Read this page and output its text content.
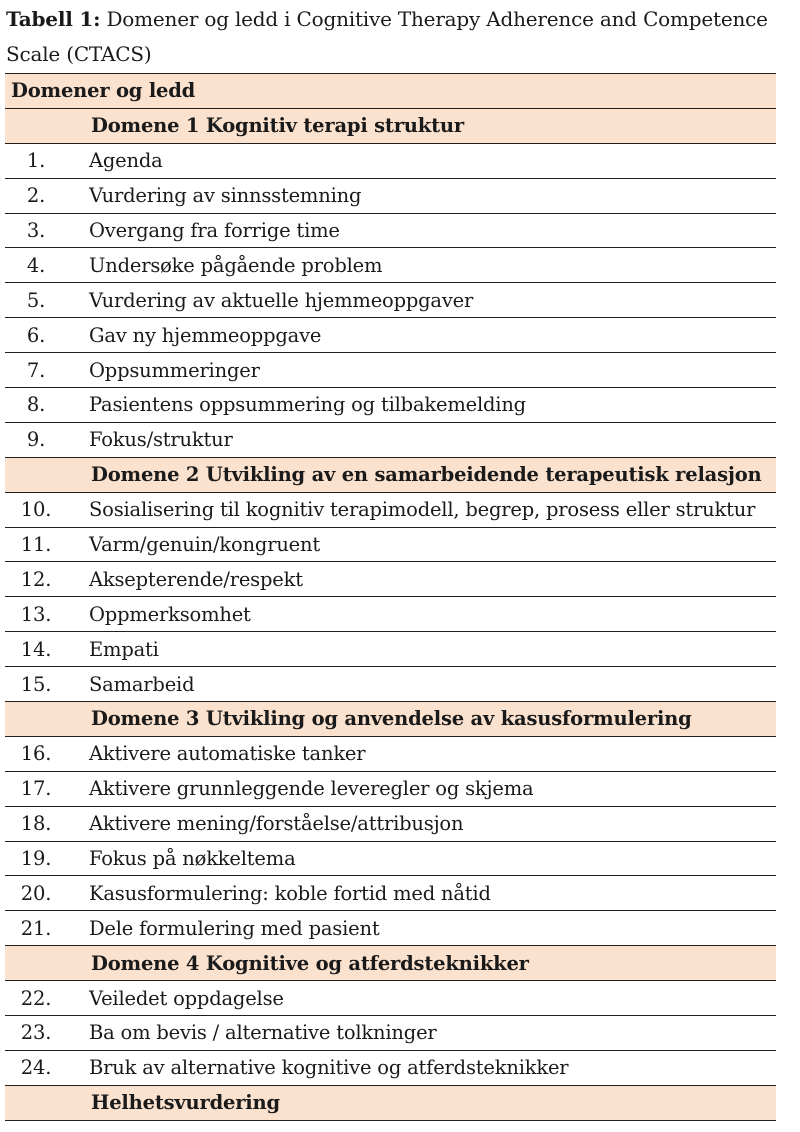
Tabell 1: Domener og ledd i Cognitive Therapy Adherence and Competence Scale (CTACS)
Domener og ledd	
	Domene 1 Kognitiv terapi struktur
1.	Agenda
2.	Vurdering av sinnsstemning
3.	Overgang fra forrige time
4.	Undersøke pågående problem
5.	Vurdering av aktuelle hjemmeoppgaver
6.	Gav ny hjemmeoppgave
7.	Oppsummeringer
8.	Pasientens oppsummering og tilbakemelding
9.	Fokus/struktur
	Domene 2 Utvikling av en samarbeidende terapeutisk relasjon
10.	Sosialisering til kognitiv terapimodell, begrep, prosess eller struktur
11.	Varm/genuin/kongruent
12.	Aksepterende/respekt
13.	Oppmerksomhet
14.	Empati
15.	Samarbeid
	Domene 3 Utvikling og anvendelse av kasusformulering
16.	Aktivere automatiske tanker
17.	Aktivere grunnleggende leveregler og skjema
18.	Aktivere mening/forståelse/attribusjon
19.	Fokus på nøkkeltema
20.	Kasusformulering: koble fortid med nåtid
21.	Dele formulering med pasient
	Domene 4 Kognitive og atferdsteknikker
22.	Veiledet oppdagelse
23.	Ba om bevis / alternative tolkninger
24.	Bruk av alternative kognitive og atferdsteknikker
	Helhetsvurdering
